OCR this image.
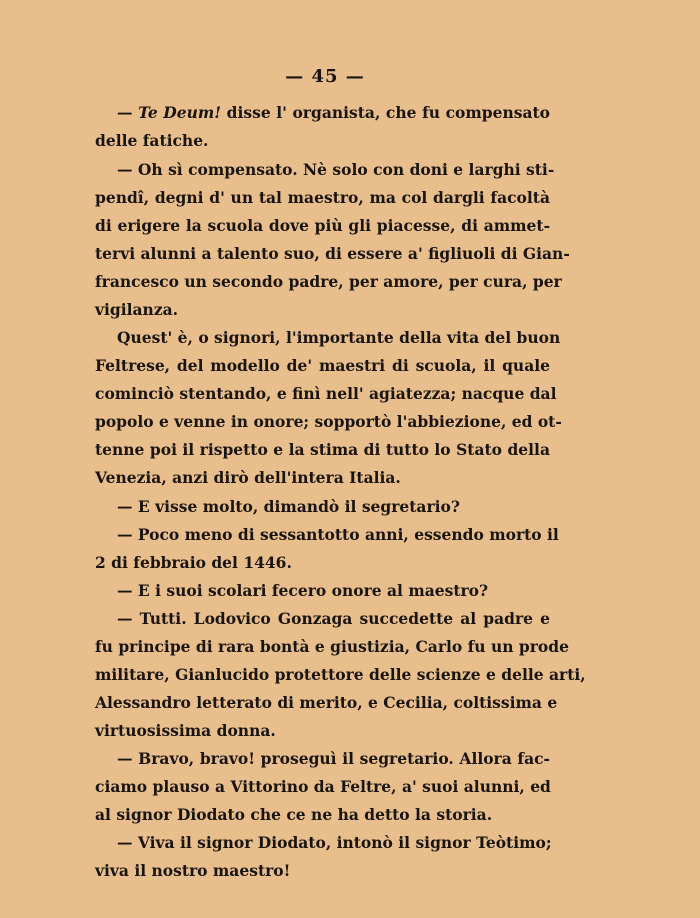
— 45 —
— Te Deum! disse l' organista, che fu compensato
delle fatiche.
— Oh sì compensato. Nè solo con doni e larghi sti-
pendî, degni d' un tal maestro, ma col dargli facoltà
di erigere la scuola dove più gli piacesse, di ammet-
tervi alunni a talento suo, di essere a' figliuoli di Gian-
francesco un secondo padre, per amore, per cura, per
vigilanza.
Quest' è, o signori, l'importante della vita del buon
Feltrese, del modello de' maestri di scuola, il quale
cominciò stentando, e finì nell' agiatezza; nacque dal
popolo e venne in onore; sopportò l'abbiezione, ed ot-
tenne poi il rispetto e la stima di tutto lo Stato della
Venezia, anzi dirò dell'intera Italia.
— E visse molto, dimandò il segretario?
— Poco meno di sessantotto anni, essendo morto il
2 di febbraio del 1446.
— E i suoi scolari fecero onore al maestro?
— Tutti. Lodovico Gonzaga succedette al padre e
fu principe di rara bontà e giustizia, Carlo fu un prode
militare, Gianlucido protettore delle scienze e delle arti,
Alessandro letterato di merito, e Cecilia, coltissima e
virtuosissima donna.
— Bravo, bravo! proseguì il segretario. Allora fac-
ciamo plauso a Vittorino da Feltre, a' suoi alunni, ed
al signor Diodato che ce ne ha detto la storia.
— Viva il signor Diodato, intonò il signor Teòtimo;
viva il nostro maestro!
